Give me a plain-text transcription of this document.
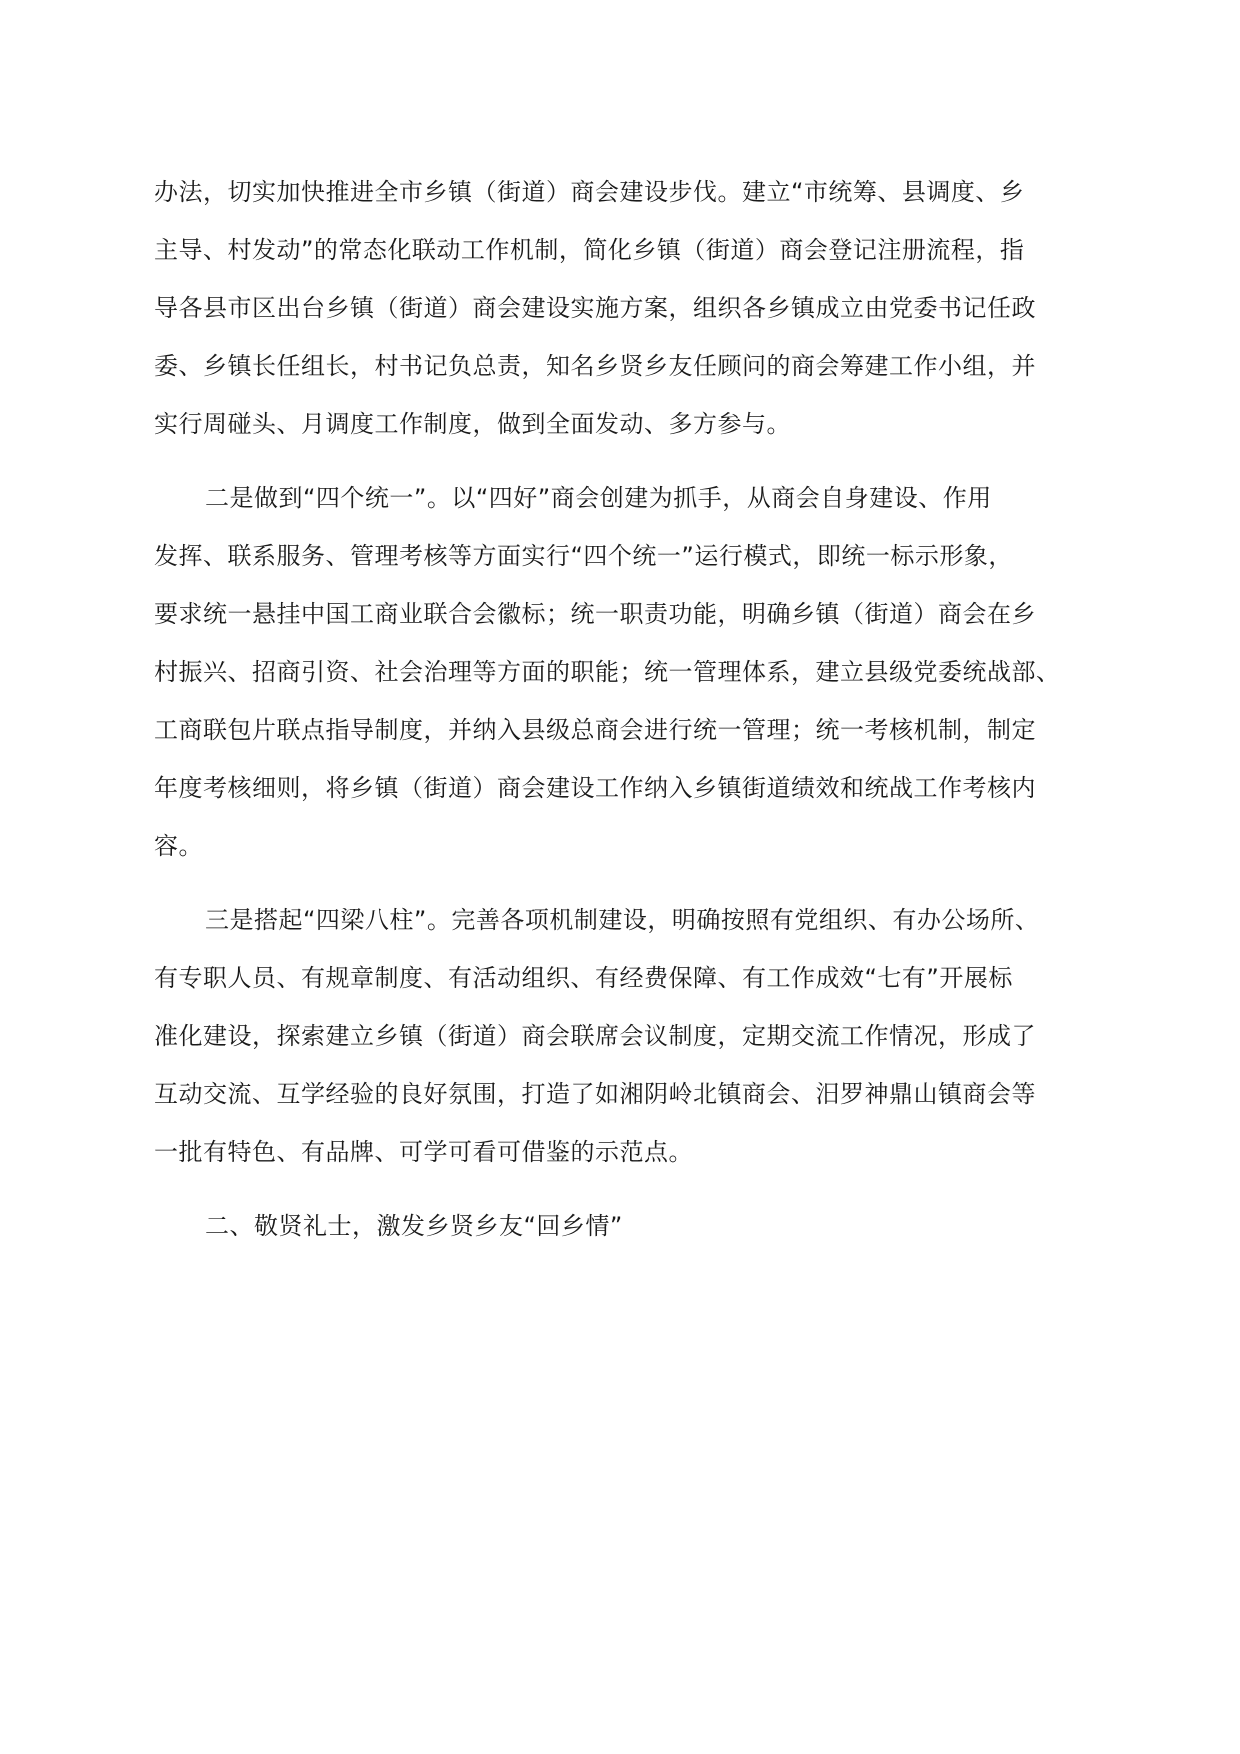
办法，切实加快推进全市乡镇（街道）商会建设步伐。建立“市统筹、县调度、乡
主导、村发动”的常态化联动工作机制，简化乡镇（街道）商会登记注册流程，指
导各县市区出台乡镇（街道）商会建设实施方案，组织各乡镇成立由党委书记任政
委、乡镇长任组长，村书记负总责，知名乡贤乡友任顾问的商会筹建工作小组，并
实行周碰头、月调度工作制度，做到全面发动、多方参与。
二是做到“四个统一”。以“四好”商会创建为抓手，从商会自身建设、作用
发挥、联系服务、管理考核等方面实行“四个统一”运行模式，即统一标示形象，
要求统一悬挂中国工商业联合会徽标；统一职责功能，明确乡镇（街道）商会在乡
村振兴、招商引资、社会治理等方面的职能；统一管理体系，建立县级党委统战部、
工商联包片联点指导制度，并纳入县级总商会进行统一管理；统一考核机制，制定
年度考核细则，将乡镇（街道）商会建设工作纳入乡镇街道绩效和统战工作考核内
容。
三是搭起“四梁八柱”。完善各项机制建设，明确按照有党组织、有办公场所、
有专职人员、有规章制度、有活动组织、有经费保障、有工作成效“七有”开展标
准化建设，探索建立乡镇（街道）商会联席会议制度，定期交流工作情况，形成了
互动交流、互学经验的良好氛围，打造了如湘阴岭北镇商会、汨罗神鼎山镇商会等
一批有特色、有品牌、可学可看可借鉴的示范点。
二、敬贤礼士，激发乡贤乡友“回乡情”
